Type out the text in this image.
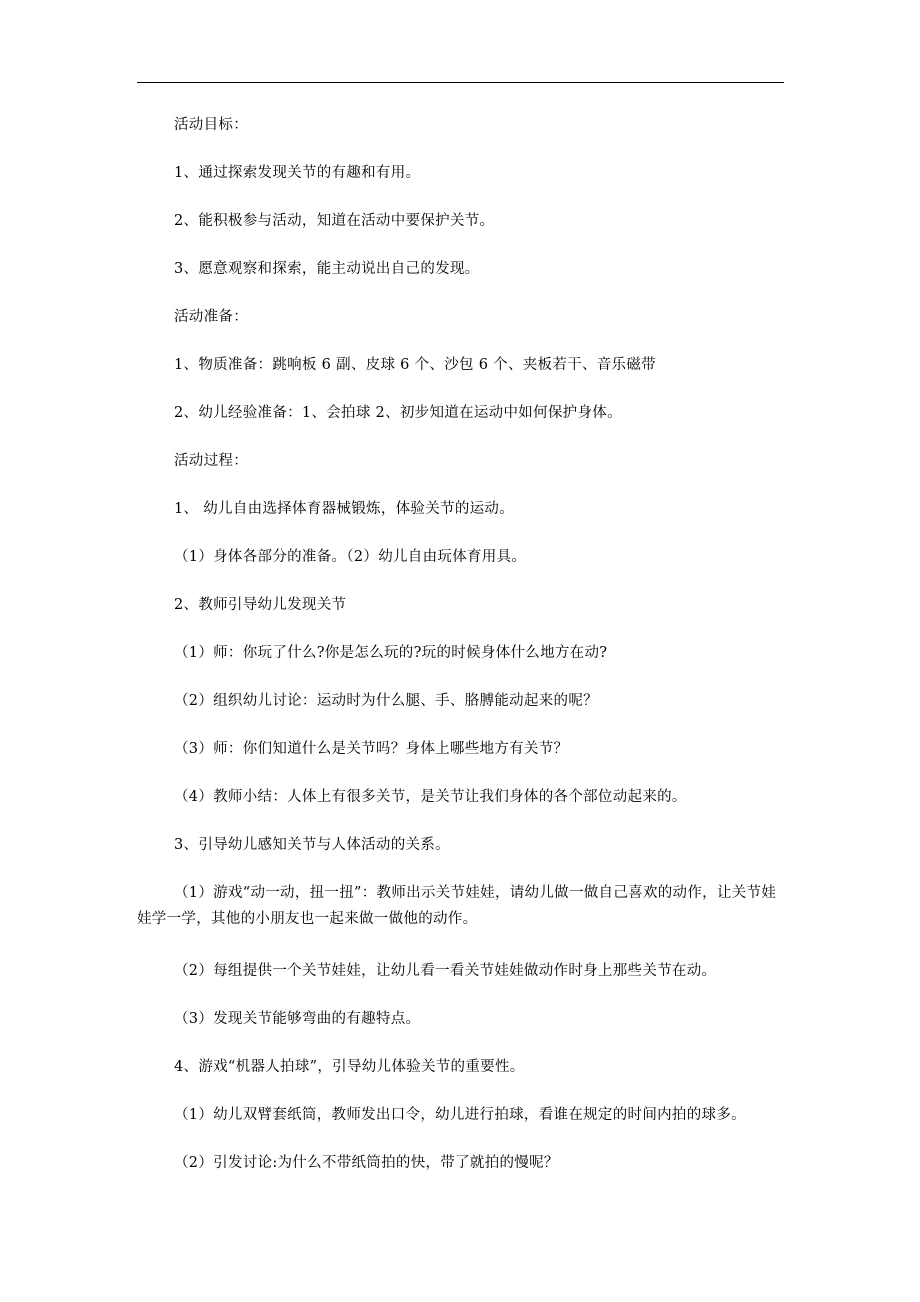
活动目标：
1、通过探索发现关节的有趣和有用。
2、能积极参与活动，知道在活动中要保护关节。
3、愿意观察和探索，能主动说出自己的发现。
活动准备：
1、物质准备：跳响板 6 副、皮球 6 个、沙包 6 个、夹板若干、音乐磁带
2、幼儿经验准备：1、会拍球 2、初步知道在运动中如何保护身体。
活动过程：
1、 幼儿自由选择体育器械锻炼，体验关节的运动。
（1）身体各部分的准备。（2）幼儿自由玩体育用具。
2、教师引导幼儿发现关节
（1）师：你玩了什么?你是怎么玩的?玩的时候身体什么地方在动?
（2）组织幼儿讨论：运动时为什么腿、手、胳膊能动起来的呢？
（3）师：你们知道什么是关节吗？身体上哪些地方有关节？
（4）教师小结：人体上有很多关节，是关节让我们身体的各个部位动起来的。
3、引导幼儿感知关节与人体活动的关系。
（1）游戏“动一动，扭一扭”：教师出示关节娃娃，请幼儿做一做自己喜欢的动作，让关节娃娃学一学，其他的小朋友也一起来做一做他的动作。
（2）每组提供一个关节娃娃，让幼儿看一看关节娃娃做动作时身上那些关节在动。
（3）发现关节能够弯曲的有趣特点。
4、游戏“机器人拍球”，引导幼儿体验关节的重要性。
（1）幼儿双臂套纸筒，教师发出口令，幼儿进行拍球，看谁在规定的时间内拍的球多。
（2）引发讨论:为什么不带纸筒拍的快，带了就拍的慢呢？
